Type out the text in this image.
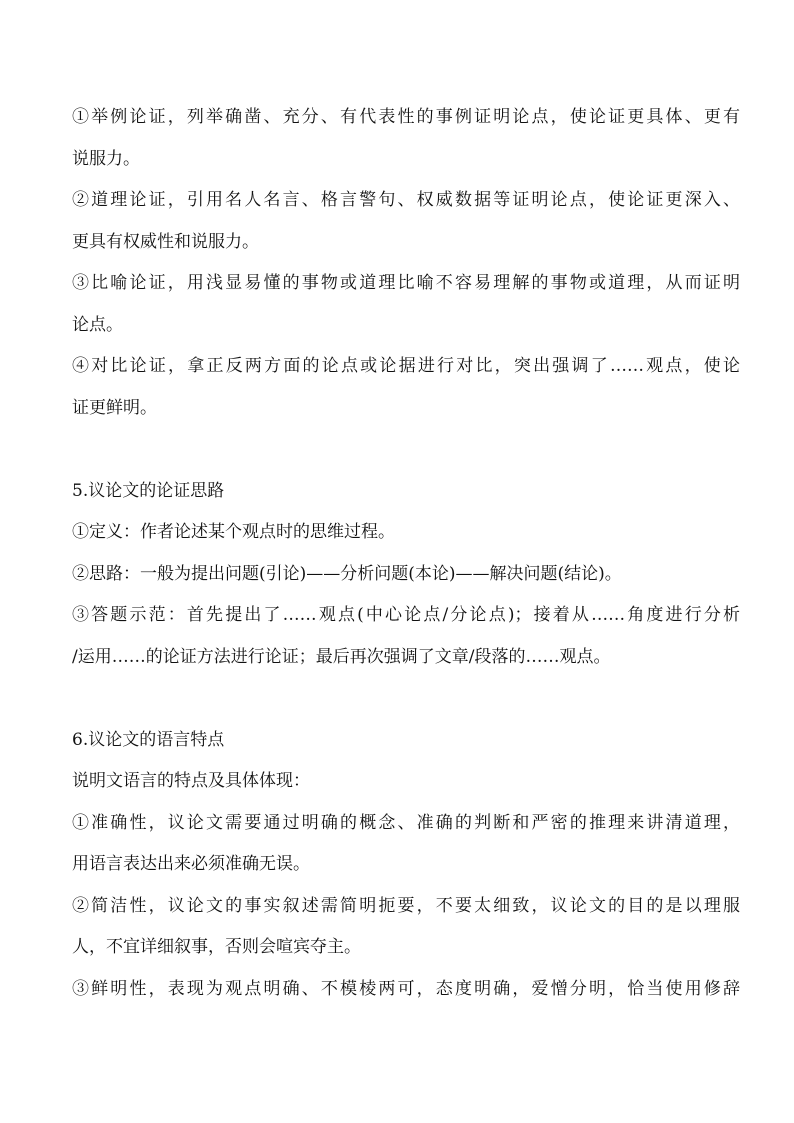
①举例论证，列举确凿、充分、有代表性的事例证明论点，使论证更具体、更有
说服力。
②道理论证，引用名人名言、格言警句、权威数据等证明论点，使论证更深入、
更具有权威性和说服力。
③比喻论证，用浅显易懂的事物或道理比喻不容易理解的事物或道理，从而证明
论点。
④对比论证，拿正反两方面的论点或论据进行对比，突出强调了……观点，使论
证更鲜明。
5.议论文的论证思路
①定义：作者论述某个观点时的思维过程。
②思路：一般为提出问题(引论)——分析问题(本论)——解决问题(结论)。
③答题示范：首先提出了……观点(中心论点/分论点)；接着从……角度进行分析
/运用……的论证方法进行论证；最后再次强调了文章/段落的……观点。
6.议论文的语言特点
说明文语言的特点及具体体现：
①准确性，议论文需要通过明确的概念、准确的判断和严密的推理来讲清道理，
用语言表达出来必须准确无误。
②简洁性，议论文的事实叙述需简明扼要，不要太细致，议论文的目的是以理服
人，不宜详细叙事，否则会喧宾夺主。
③鲜明性，表现为观点明确、不模棱两可，态度明确，爱憎分明，恰当使用修辞
